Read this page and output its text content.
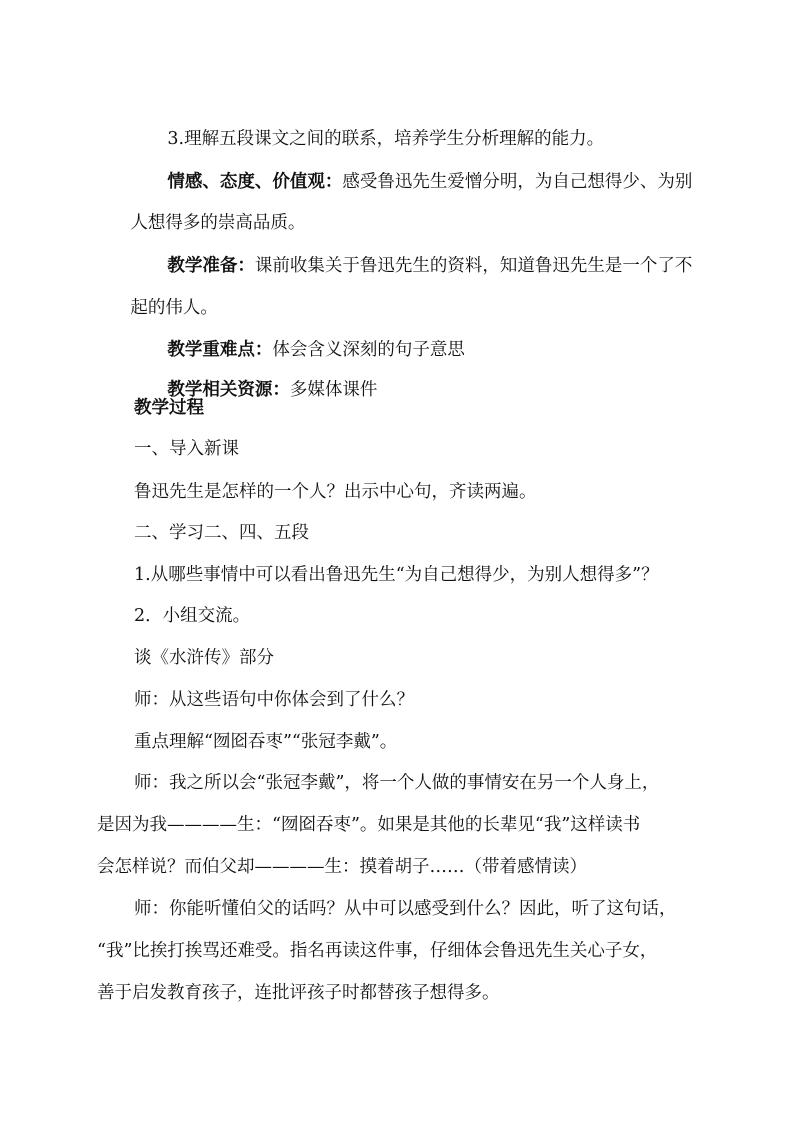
3.理解五段课文之间的联系，培养学生分析理解的能力。

情感、态度、价值观：感受鲁迅先生爱憎分明，为自己想得少、为别

人想得多的崇高品质。

教学准备：课前收集关于鲁迅先生的资料，知道鲁迅先生是一个了不

起的伟人。

教学重难点：体会含义深刻的句子意思

教学相关资源：多媒体课件

教学过程
一、导入新课
鲁迅先生是怎样的一个人？出示中心句，齐读两遍。
二、学习二、四、五段
1.从哪些事情中可以看出鲁迅先生“为自己想得少，为别人想得多”？
2．小组交流。
谈《水浒传》部分
师：从这些语句中你体会到了什么？
重点理解“囫囵吞枣”“张冠李戴”。
师：我之所以会“张冠李戴”，将一个人做的事情安在另一个人身上，
是因为我————生：“囫囵吞枣”。如果是其他的长辈见“我”这样读书
会怎样说？而伯父却————生：摸着胡子……（带着感情读）
师：你能听懂伯父的话吗？从中可以感受到什么？因此，听了这句话，
“我”比挨打挨骂还难受。指名再读这件事，仔细体会鲁迅先生关心子女，
善于启发教育孩子，连批评孩子时都替孩子想得多。
